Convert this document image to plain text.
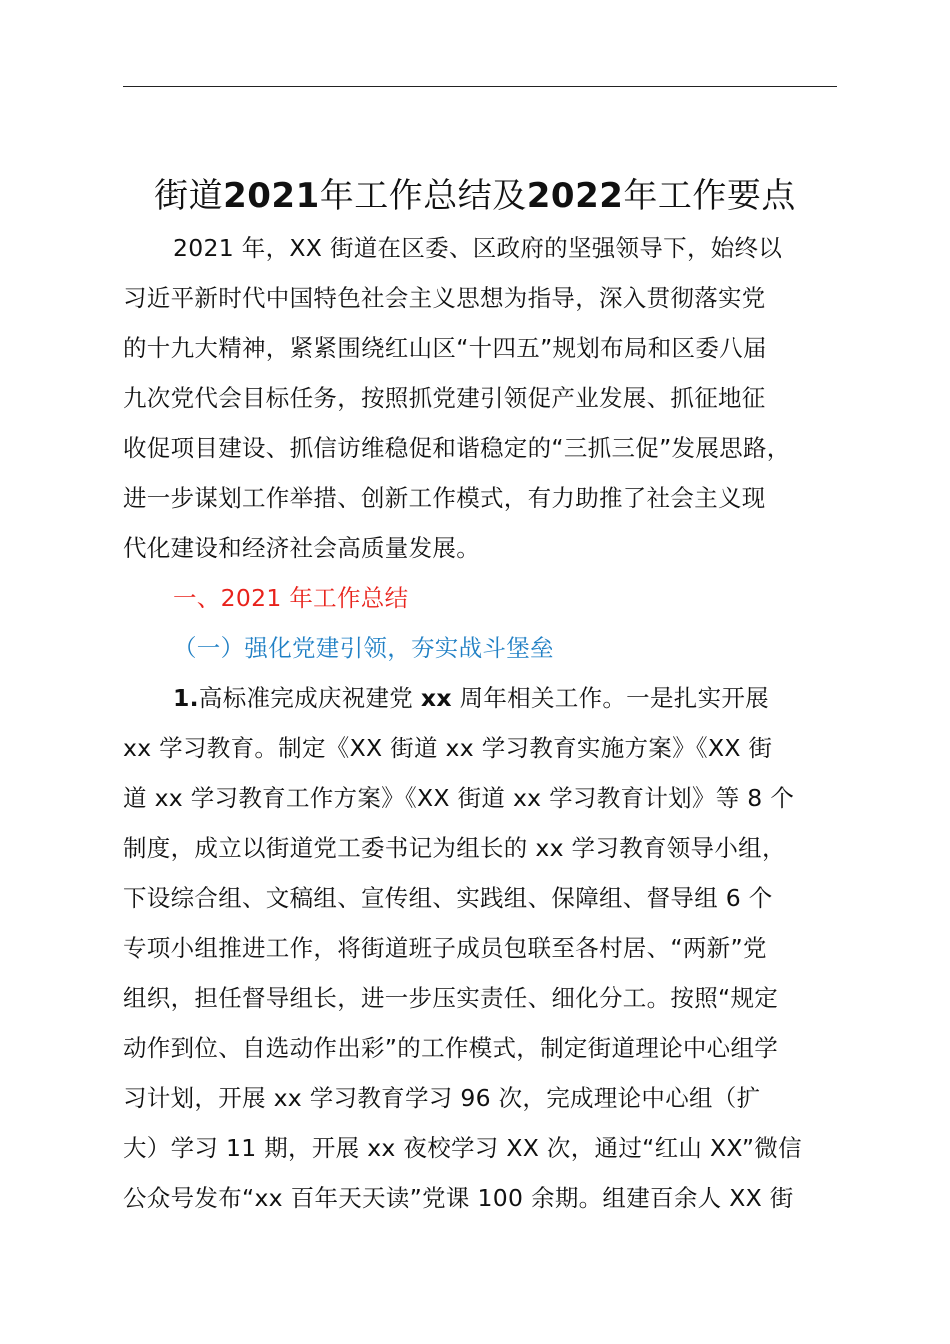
街道2021年工作总结及2022年工作要点
2021 年，XX 街道在区委、区政府的坚强领导下，始终以
习近平新时代中国特色社会主义思想为指导，深入贯彻落实党
的十九大精神，紧紧围绕红山区“十四五”规划布局和区委八届
九次党代会目标任务，按照抓党建引领促产业发展、抓征地征
收促项目建设、抓信访维稳促和谐稳定的“三抓三促”发展思路，
进一步谋划工作举措、创新工作模式，有力助推了社会主义现
代化建设和经济社会高质量发展。
一、2021 年工作总结
（一）强化党建引领，夯实战斗堡垒
1.高标准完成庆祝建党 xx 周年相关工作。一是扎实开展
xx 学习教育。制定《XX 街道 xx 学习教育实施方案》《XX 街
道 xx 学习教育工作方案》《XX 街道 xx 学习教育计划》等 8 个
制度，成立以街道党工委书记为组长的 xx 学习教育领导小组，
下设综合组、文稿组、宣传组、实践组、保障组、督导组 6 个
专项小组推进工作，将街道班子成员包联至各村居、“两新”党
组织，担任督导组长，进一步压实责任、细化分工。按照“规定
动作到位、自选动作出彩”的工作模式，制定街道理论中心组学
习计划，开展 xx 学习教育学习 96 次，完成理论中心组（扩
大）学习 11 期，开展 xx 夜校学习 XX 次，通过“红山 XX”微信
公众号发布“xx 百年天天读”党课 100 余期。组建百余人 XX 街
